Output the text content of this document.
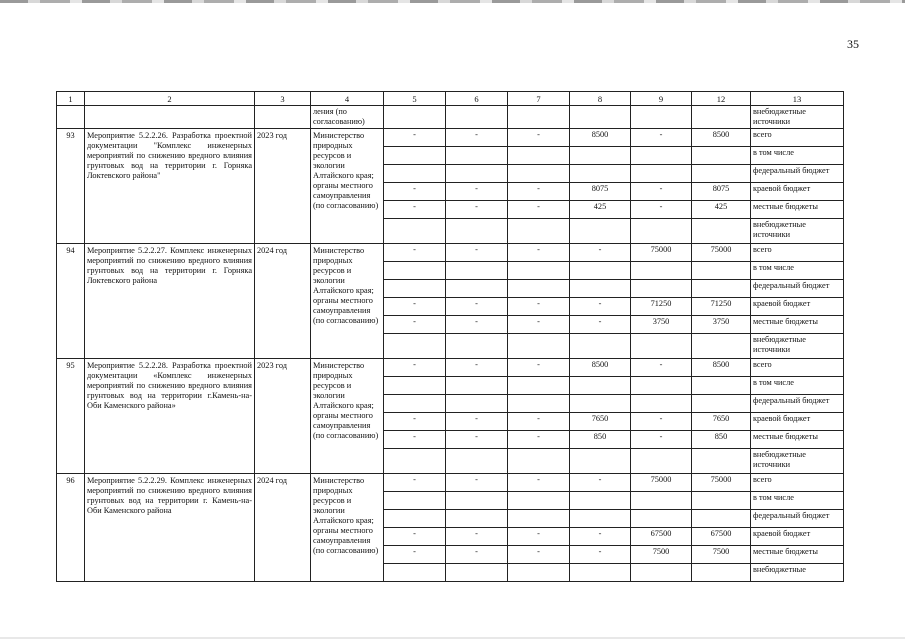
35
1	2	3	4	5	6	7	8	9	12	13
			ления (по согласованию)							внебюджетные источники
93	Мероприятие 5.2.2.26. Разработка проектной документации "Комплекс инженерных мероприятий по снижению вредного влияния грунтовых вод на территории г. Горняка Локтевского района"	2023 год	Министерство природных ресурсов и экологии Алтайского края; органы местного самоуправления (по согласованию)	-	-	-	8500	-	8500	всего
										в том числе
										федеральный бюджет
				-	-	-	8075	-	8075	краевой бюджет
				-	-	-	425	-	425	местные бюджеты
										внебюджетные источники
94	Мероприятие 5.2.2.27. Комплекс инженерных мероприятий по снижению вредного влияния грунтовых вод на территории г. Горняка Локтевского района	2024 год	Министерство природных ресурсов и экологии Алтайского края; органы местного самоуправления (по согласованию)	-	-	-	-	75000	75000	всего
										в том числе
										федеральный бюджет
				-	-	-	-	71250	71250	краевой бюджет
				-	-	-	-	3750	3750	местные бюджеты
										внебюджетные источники
95	Мероприятие 5.2.2.28. Разработка проектной документации «Комплекс инженерных мероприятий по снижению вредного влияния грунтовых вод на территории г.Камень-на-Оби Каменского района»	2023 год	Министерство природных ресурсов и экологии Алтайского края; органы местного самоуправления (по согласованию)	-	-	-	8500	-	8500	всего
										в том числе
										федеральный бюджет
				-	-	-	7650	-	7650	краевой бюджет
				-	-	-	850	-	850	местные бюджеты
										внебюджетные источники
96	Мероприятие 5.2.2.29. Комплекс инженерных мероприятий по снижению вредного влияния грунтовых вод на территории г. Камень-на-Оби Каменского района	2024 год	Министерство природных ресурсов и экологии Алтайского края; органы местного самоуправления (по согласованию)	-	-	-	-	75000	75000	всего
										в том числе
										федеральный бюджет
				-	-	-	-	67500	67500	краевой бюджет
				-	-	-	-	7500	7500	местные бюджеты
										внебюджетные
